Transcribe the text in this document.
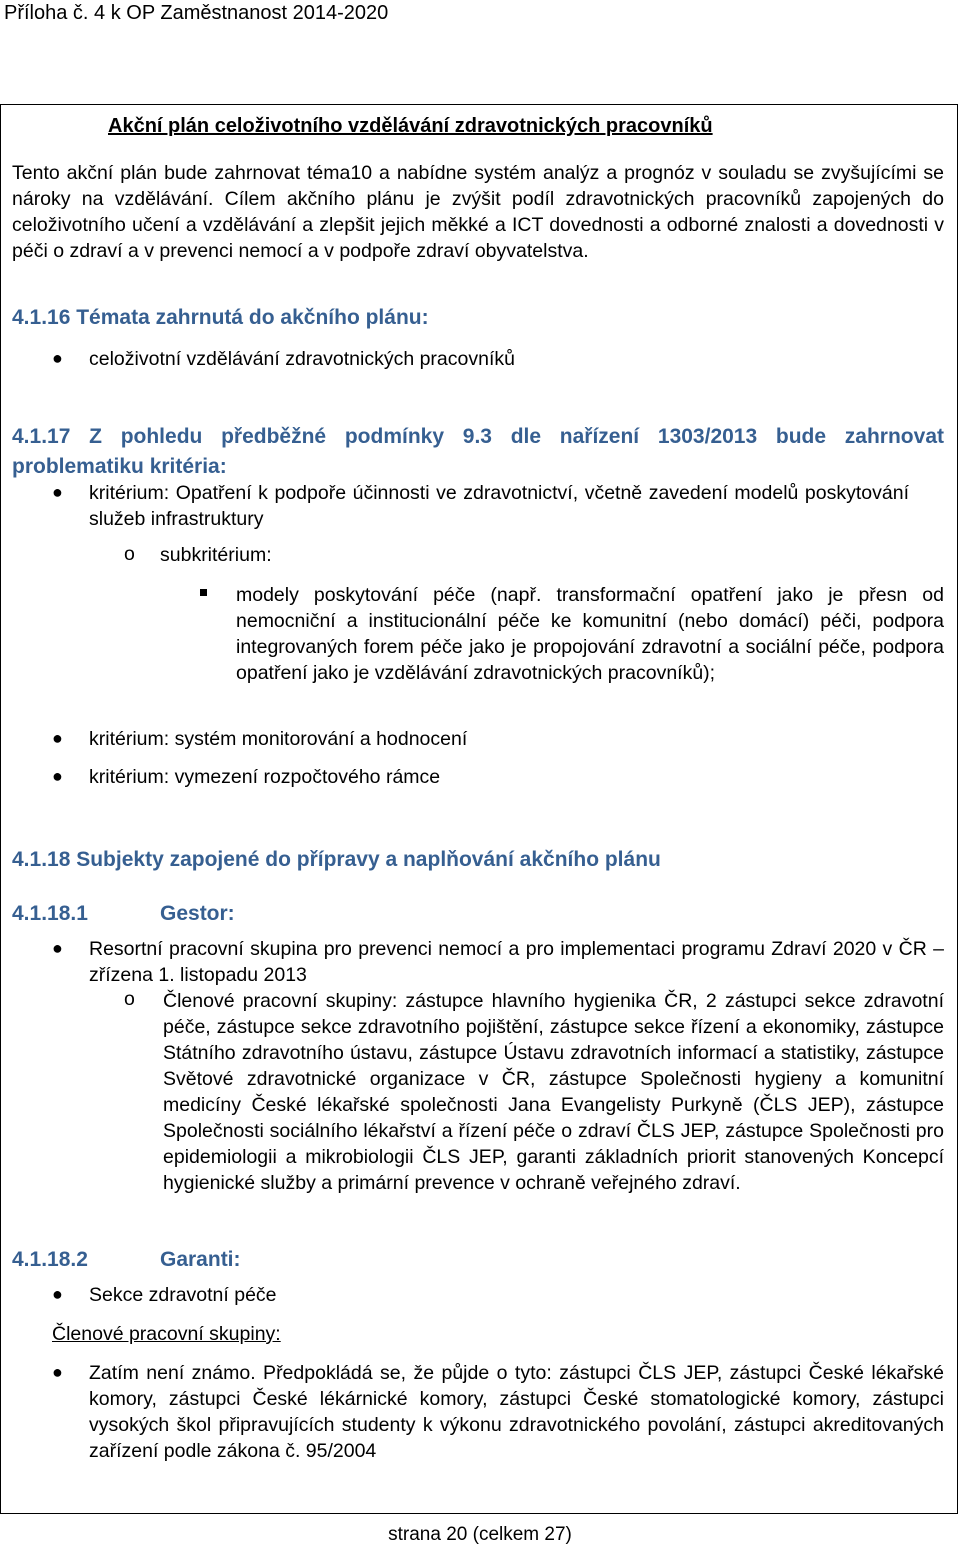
Příloha č. 4 k OP Zaměstnanost 2014-2020
Akční plán celoživotního vzdělávání zdravotnických pracovníků

Tento akční plán bude zahrnovat téma10 a nabídne systém analýz a prognóz v souladu se zvyšujícími se nároky na vzdělávání. Cílem akčního plánu je zvýšit podíl zdravotnických pracovníků zapojených do celoživotního učení a vzdělávání a zlepšit jejich měkké a ICT dovednosti a odborné znalosti a dovednosti v péči o zdraví a v prevenci nemocí a v podpoře zdraví obyvatelstva.

4.1.16 Témata zahrnutá do akčního plánu:

● celoživotní vzdělávání zdravotnických pracovníků

4.1.17 Z pohledu předběžné podmínky 9.3 dle nařízení 1303/2013 bude zahrnovat problematiku kritéria:

● kritérium: Opatření k podpoře účinnosti ve zdravotnictví, včetně zavedení modelů poskytování služeb infrastruktury

o subkritérium:

modely poskytování péče (např. transformační opatření jako je přesn od nemocniční a institucionální péče ke komunitní (nebo domácí) péči, podpora integrovaných forem péče jako je propojování zdravotní a sociální péče, podpora opatření jako je vzdělávání zdravotnických pracovníků);

● kritérium: systém monitorování a hodnocení

● kritérium: vymezení rozpočtového rámce

4.1.18 Subjekty zapojené do přípravy a naplňování akčního plánu

4.1.18.1	Gestor:

● Resortní pracovní skupina pro prevenci nemocí a pro implementaci programu Zdraví 2020 v ČR – zřízena 1. listopadu 2013

o Členové pracovní skupiny: zástupce hlavního hygienika ČR, 2 zástupci sekce zdravotní péče, zástupce sekce zdravotního pojištění, zástupce sekce řízení a ekonomiky, zástupce Státního zdravotního ústavu, zástupce Ústavu zdravotních informací a statistiky, zástupce Světové zdravotnické organizace v ČR, zástupce Společnosti hygieny a komunitní medicíny České lékařské společnosti Jana Evangelisty Purkyně (ČLS JEP), zástupce Společnosti sociálního lékařství a řízení péče o zdraví ČLS JEP, zástupce Společnosti pro epidemiologii a mikrobiologii ČLS JEP, garanti základních priorit stanovených Koncepcí hygienické služby a primární prevence v ochraně veřejného zdraví.

4.1.18.2	Garanti:

● Sekce zdravotní péče

Členové pracovní skupiny:

● Zatím není známo. Předpokládá se, že půjde o tyto: zástupci ČLS JEP, zástupci České lékařské komory, zástupci České lékárnické komory, zástupci České stomatologické komory, zástupci vysokých škol připravujících studenty k výkonu zdravotnického povolání, zástupci akreditovaných zařízení podle zákona č. 95/2004

strana 20 (celkem 27)
